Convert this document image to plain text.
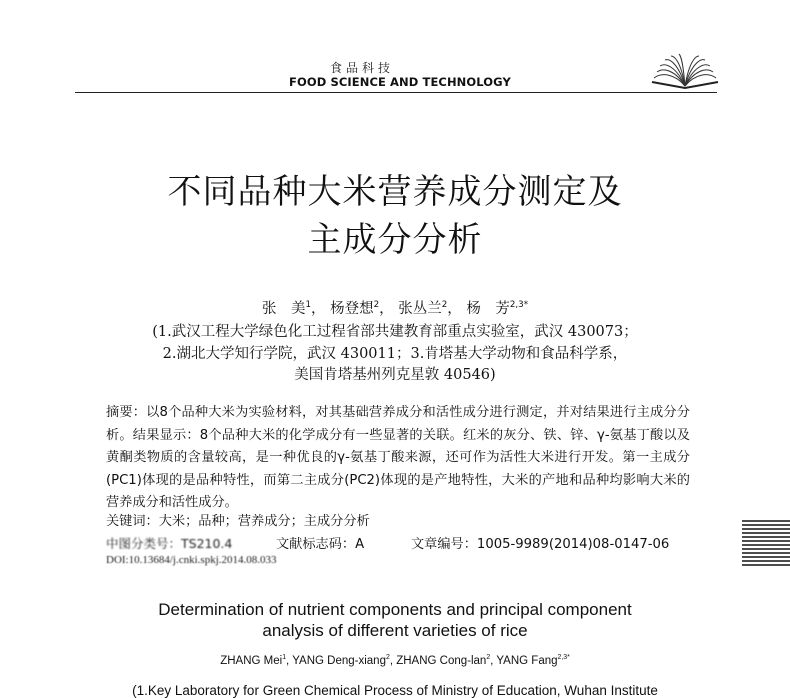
食品科技
FOOD SCIENCE AND TECHNOLOGY
不同品种大米营养成分测定及
主成分分析
张　美$^1$， 杨登想$^2$， 张丛兰$^2$， 杨　芳$^{2,3*}$
(1.武汉工程大学绿色化工过程省部共建教育部重点实验室，武汉 430073；
2.湖北大学知行学院，武汉 430011；3.肯塔基大学动物和食品科学系，
美国肯塔基州列克星敦 40546)
摘要：以8个品种大米为实验材料，对其基础营养成分和活性成分进行测定，并对结果进行主成分分析。结果显示：8个品种大米的化学成分有一些显著的关联。红米的灰分、铁、锌、γ-氨基丁酸以及黄酮类物质的含量较高，是一种优良的γ-氨基丁酸来源，还可作为活性大米进行开发。第一主成分(PC1)体现的是品种特性，而第二主成分(PC2)体现的是产地特性，大米的产地和品种均影响大米的营养成分和活性成分。
关键词：大米；品种；营养成分；主成分分析
中图分类号：TS210.4	文献标志码：A	文章编号：1005-9989(2014)08-0147-06
DOI:10.13684/j.cnki.spkj.2014.08.033
Determination of nutrient components and principal component
analysis of different varieties of rice
ZHANG Mei$^1$, YANG Deng-xiang$^2$, ZHANG Cong-lan$^2$, YANG Fang$^{2,3*}$
(1.Key Laboratory for Green Chemical Process of Ministry of Education, Wuhan Institute
